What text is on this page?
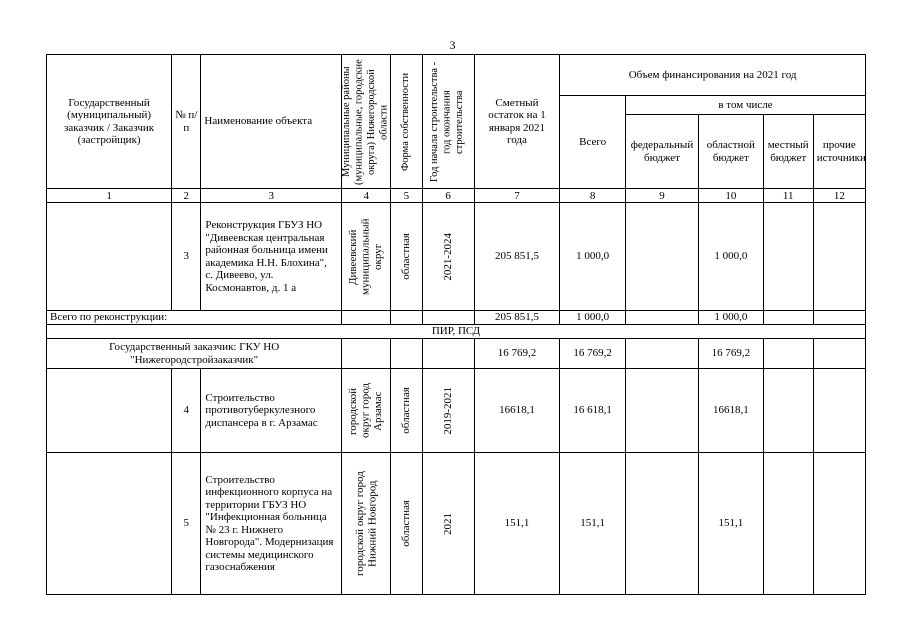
3
Государственный (муниципальный) заказчик / Заказчик (застройщик)	№ п/п	Наименование объекта	Муниципальные районы (муниципальные, городские округа) Нижегородской области	Форма собственности	Год начала строительства - год окончания строительства	Сметный остаток на 1 января 2021 года	Объем финансирования на 2021 год				
							Всего	в том числе			
								федеральный бюджет	областной бюджет	местный бюджет	прочие источники
1	2	3	4	5	6	7	8	9	10	11	12
	3	Реконструкция ГБУЗ НО "Дивеевская центральная районная больница имени академика Н.Н. Блохина", с. Дивеево, ул. Космонавтов, д. 1 а	Дивеевский муниципальный округ	областная	2021-2024	205 851,5	1 000,0		1 000,0		
Всего по реконструкции:						205 851,5	1 000,0		1 000,0		
ПИР, ПСД											
Государственный заказчик: ГКУ НО "Нижегородстройзаказчик"						16 769,2	16 769,2		16 769,2		
	4	Строительство противотуберкулезного диспансера в г. Арзамас	городской округ город Арзамас	областная	2019-2021	16618,1	16 618,1		16618,1		
	5	Строительство инфекционного корпуса на территории ГБУЗ НО "Инфекционная больница № 23 г. Нижнего Новгорода". Модернизация системы медицинского газоснабжения	городской округ город Нижний Новгород	областная	2021	151,1	151,1		151,1		
